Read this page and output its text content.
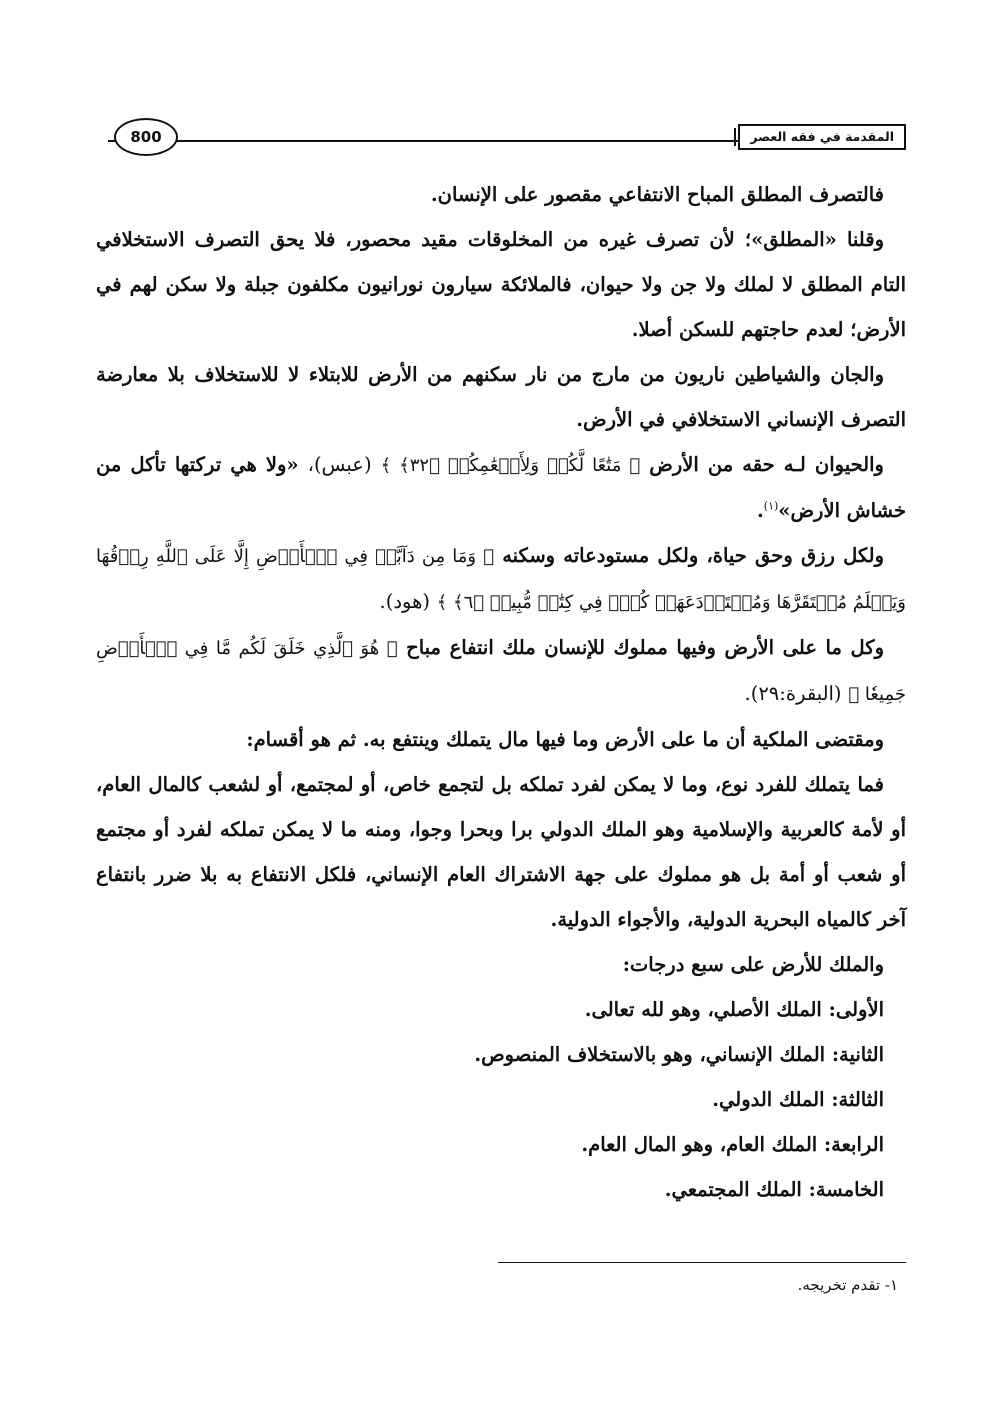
المقدمة في فقه العصر
800

فالتصرف المطلق المباح الانتفاعي مقصور على الإنسان.

وقلنا «المطلق»؛ لأن تصرف غيره من المخلوقات مقيد محصور، فلا يحق التصرف الاستخلافي التام المطلق لا لملك ولا جن ولا حيوان، فالملائكة سيارون نورانيون مكلفون جبلة ولا سكن لهم في الأرض؛ لعدم حاجتهم للسكن أصلا.

والجان والشياطين ناريون من مارج من نار سكنهم من الأرض للابتلاء لا للاستخلاف بلا معارضة التصرف الإنساني الاستخلافي في الأرض.

والحيوان لـه حقه من الأرض ﴿ مَتَٰعًا لَّكُمۡ وَلِأَنۡعَٰمِكُمۡ ﴿٣٢﴾ ﴾ (عبس)، «ولا هي تركتها تأكل من خشاش الأرض»$^{(١)}$.

ولكل رزق وحق حياة، ولكل مستودعاته وسكنه ﴿ وَمَا مِن دَآبَّةٖ فِي ٱلۡأَرۡضِ إِلَّا عَلَى ٱللَّهِ رِزۡقُهَا وَيَعۡلَمُ مُسۡتَقَرَّهَا وَمُسۡتَوۡدَعَهَاۚ كُلّٞ فِي كِتَٰبٖ مُّبِينٖ ﴿٦﴾ ﴾ (هود).

وكل ما على الأرض وفيها مملوك للإنسان ملك انتفاع مباح ﴿ هُوَ ٱلَّذِي خَلَقَ لَكُم مَّا فِي ٱلۡأَرۡضِ جَمِيعٗا ﴾ (البقرة:٢٩).

ومقتضى الملكية أن ما على الأرض وما فيها مال يتملك وينتفع به. ثم هو أقسام:

فما يتملك للفرد نوع، وما لا يمكن لفرد تملكه بل لتجمع خاص، أو لمجتمع، أو لشعب كالمال العام، أو لأمة كالعربية والإسلامية وهو الملك الدولي برا وبحرا وجوا، ومنه ما لا يمكن تملكه لفرد أو مجتمع أو شعب أو أمة بل هو مملوك على جهة الاشتراك العام الإنساني، فلكل الانتفاع به بلا ضرر بانتفاع آخر كالمياه البحرية الدولية، والأجواء الدولية.

والملك للأرض على سبع درجات:

الأولى: الملك الأصلي، وهو لله تعالى.

الثانية: الملك الإنساني، وهو بالاستخلاف المنصوص.

الثالثة: الملك الدولي.

الرابعة: الملك العام، وهو المال العام.

الخامسة: الملك المجتمعي.

١- تقدم تخريجه.
